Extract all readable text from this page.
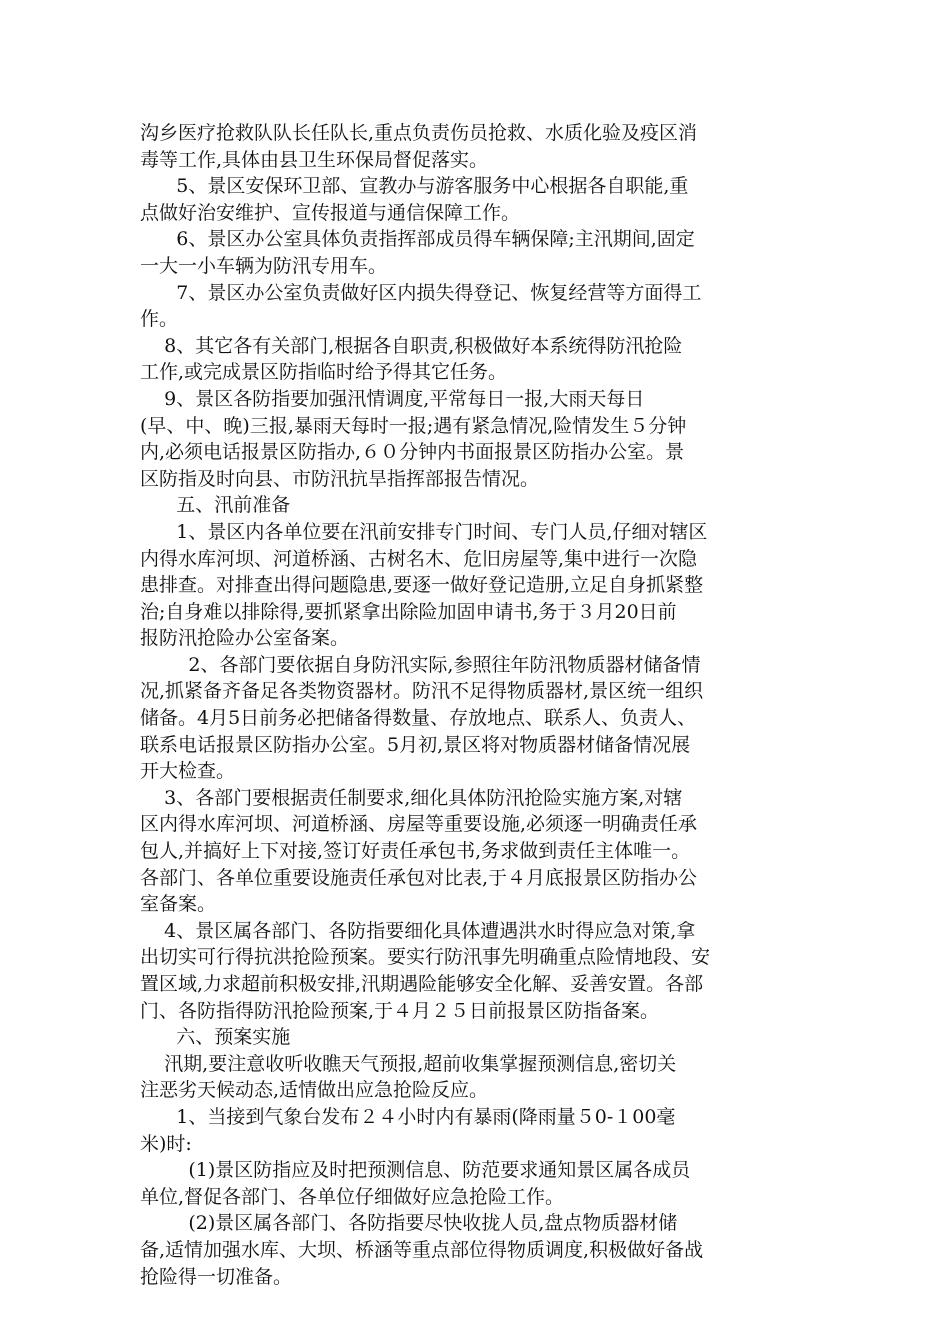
沟乡医疗抢救队队长任队长,重点负责伤员抢救、水质化验及疫区消
毒等工作,具体由县卫生环保局督促落实。
5、景区安保环卫部、宣教办与游客服务中心根据各自职能,重
点做好治安维护、宣传报道与通信保障工作。
6、景区办公室具体负责指挥部成员得车辆保障;主汛期间,固定
一大一小车辆为防汛专用车。
7、景区办公室负责做好区内损失得登记、恢复经营等方面得工
作。
8、其它各有关部门,根据各自职责,积极做好本系统得防汛抢险
工作,或完成景区防指临时给予得其它任务。
9、景区各防指要加强汛情调度,平常每日一报,大雨天每日
(早、中、晚)三报,暴雨天每时一报;遇有紧急情况,险情发生５分钟
内,必须电话报景区防指办,６０分钟内书面报景区防指办公室。景
区防指及时向县、市防汛抗旱指挥部报告情况。
五、汛前准备
1、景区内各单位要在汛前安排专门时间、专门人员,仔细对辖区
内得水库河坝、河道桥涵、古树名木、危旧房屋等,集中进行一次隐
患排查。对排查出得问题隐患,要逐一做好登记造册,立足自身抓紧整
治;自身难以排除得,要抓紧拿出除险加固申请书,务于３月20日前
报防汛抢险办公室备案。
2、各部门要依据自身防汛实际,参照往年防汛物质器材储备情
况,抓紧备齐备足各类物资器材。防汛不足得物质器材,景区统一组织
储备。4月5日前务必把储备得数量、存放地点、联系人、负责人、
联系电话报景区防指办公室。5月初,景区将对物质器材储备情况展
开大检查。
3、各部门要根据责任制要求,细化具体防汛抢险实施方案,对辖
区内得水库河坝、河道桥涵、房屋等重要设施,必须逐一明确责任承
包人,并搞好上下对接,签订好责任承包书,务求做到责任主体唯一。
各部门、各单位重要设施责任承包对比表,于４月底报景区防指办公
室备案。
4、景区属各部门、各防指要细化具体遭遇洪水时得应急对策,拿
出切实可行得抗洪抢险预案。要实行防汛事先明确重点险情地段、安
置区域,力求超前积极安排,汛期遇险能够安全化解、妥善安置。各部
门、各防指得防汛抢险预案,于４月２５日前报景区防指备案。
六、预案实施
汛期,要注意收听收瞧天气预报,超前收集掌握预测信息,密切关
注恶劣天候动态,适情做出应急抢险反应。
1、当接到气象台发布２４小时内有暴雨(降雨量５0-１00毫
米)时:
(1)景区防指应及时把预测信息、防范要求通知景区属各成员
单位,督促各部门、各单位仔细做好应急抢险工作。
(2)景区属各部门、各防指要尽快收拢人员,盘点物质器材储
备,适情加强水库、大坝、桥涵等重点部位得物质调度,积极做好备战
抢险得一切准备。
